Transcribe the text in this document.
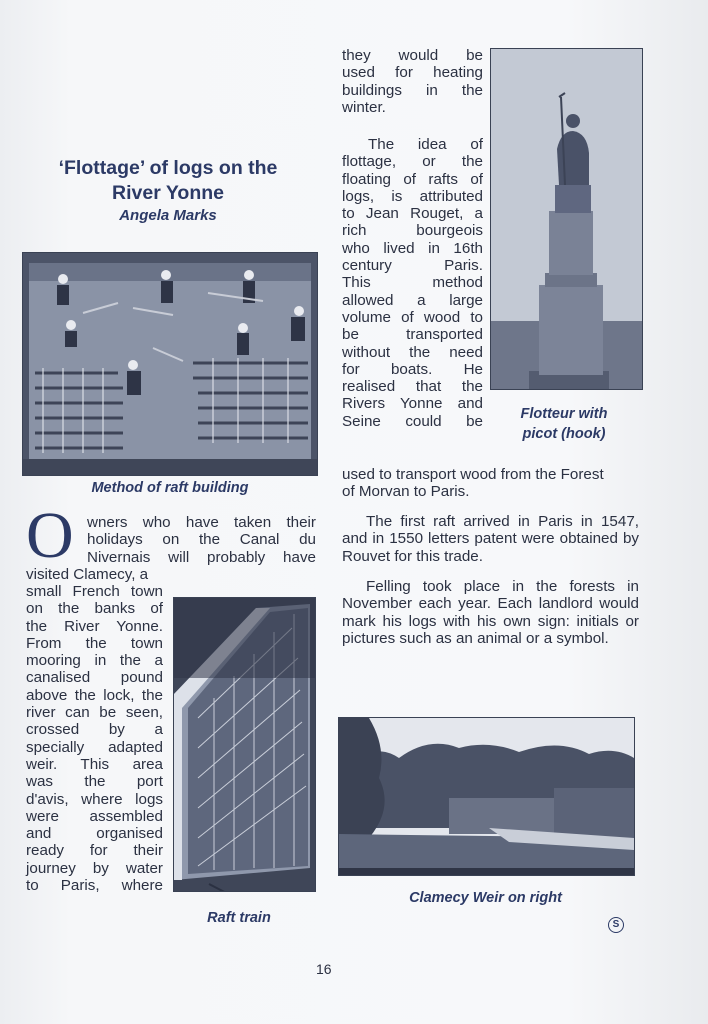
‘Flottage’ of logs on the
River Yonne
Angela Marks
Method of raft building
Flotteur with
picot (hook)
Raft train
Clamecy Weir on right
O wners who have taken their
holidays on the Canal du
Nivernais will probably have
visited Clamecy, a
small French town
on the banks of
the River Yonne.
From the town
mooring in the a
canalised pound
above the lock, the
river can be seen,
crossed by a
specially adapted
weir. This area
was the port
d'avis, where logs
were assembled
and organised
ready for their
journey by water
to Paris, where
they would be
used for heating
buildings in the
winter.
The idea of
flottage, or the
floating of rafts of
logs, is attributed
to Jean Rouget, a
rich bourgeois
who lived in 16th
century Paris.
This method
allowed a large
volume of wood to
be transported
without the need
for boats. He
realised that the
Rivers Yonne and
Seine could be
used to transport wood from the Forest
of Morvan to Paris.
The first raft arrived in Paris in 1547, and in 1550 letters patent were obtained by Rouvet for this trade.
Felling took place in the forests in November each year. Each landlord would mark his logs with his own sign: initials or pictures such as an animal or a symbol.
16
S
